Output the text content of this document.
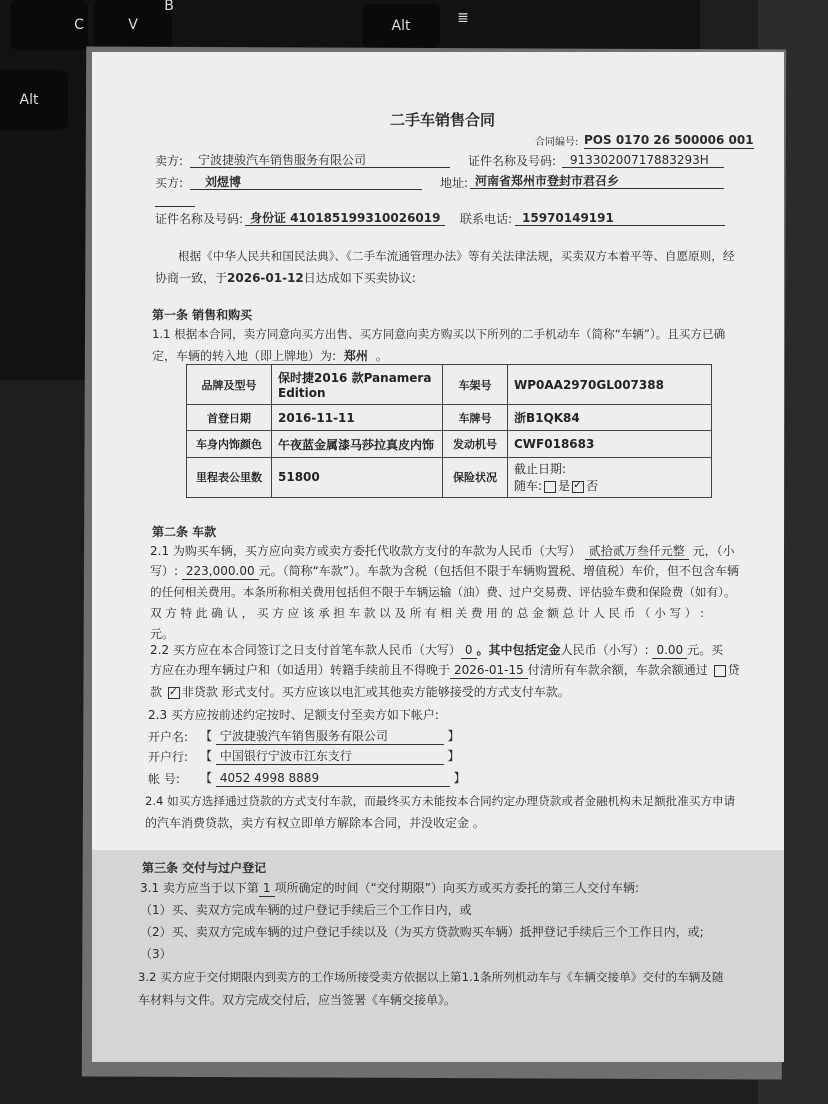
C	V
B
Alt
Alt	≣
二手车销售合同
合同编号: POS 0170 26 500006 001
卖方: 宁波捷骏汽车销售服务有限公司	证件名称及号码: 91330200717883293H
买方: 刘煜博	地址: 河南省郑州市登封市君召乡
证件名称及号码: 身份证 410185199310026019 联系电话: 15970149191
根据《中华人民共和国民法典》、《二手车流通管理办法》等有关法律法规，买卖双方本着平等、自愿原则，经
协商一致，于2026-01-12日达成如下买卖协议:
第一条 销售和购买
1.1 根据本合同，卖方同意向买方出售、买方同意向卖方购买以下所列的二手机动车（简称“车辆”）。且买方已确
定，车辆的转入地（即上牌地）为: 郑州 。
品牌及型号	保时捷2016 款Panamera Edition	车架号	WP0AA2970GL007388
首登日期	2016-11-11	车牌号	浙B1QK84
车身内饰颜色	午夜蓝金属漆马莎拉真皮内饰	发动机号	CWF018683
里程表公里数	51800	保险状况	截止日期:
随车: 是 ✓ 否
第二条 车款
2.1 为购买车辆，买方应向卖方或卖方委托代收款方支付的车款为人民币（大写） 贰拾贰万叁仟元整 元，（小
写）: 223,000.00 元。（简称“车款”）。车款为含税（包括但不限于车辆购置税、增值税）车价，但不包含车辆
的任何相关费用。本条所称相关费用包括但不限于车辆运输（油）费、过户交易费、评估验车费和保险费（如有）。
双 方 特 此 确 认 ， 买 方 应 该 承 担 车 款 以 及 所 有 相 关 费 用 的 总 金 额 总 计 人 民 币 （ 小 写 ） :
元。
2.2 买方应在本合同签订之日支付首笔车款人民币（大写） 0 。其中包括定金人民币（小写）: 0.00 元。买
方应在办理车辆过户和（如适用）转籍手续前且不得晚于 2026-01-15 付清所有车款余额，车款余额通过 贷
款 ✓ 非贷款 形式支付。买方应该以电汇或其他卖方能够接受的方式支付车款。
2.3 买方应按前述约定按时、足额支付至卖方如下帐户:
开户名: 【 宁波捷骏汽车销售服务有限公司	】
开户行: 【 中国银行宁波市江东支行	】
帐 号: 【 4052 4998 8889	】
2.4 如买方选择通过贷款的方式支付车款，而最终买方未能按本合同约定办理贷款或者金融机构未足额批准买方申请
的汽车消费贷款，卖方有权立即单方解除本合同，并没收定金 。
第三条 交付与过户登记
3.1 卖方应当于以下第 1 项所确定的时间（“交付期限”）向买方或买方委托的第三人交付车辆:
（1）买、卖双方完成车辆的过户登记手续后三个工作日内，或
（2）买、卖双方完成车辆的过户登记手续以及（为买方贷款购买车辆）抵押登记手续后三个工作日内，或;
（3）
3.2 买方应于交付期限内到卖方的工作场所接受卖方依据以上第1.1条所列机动车与《车辆交接单》交付的车辆及随
车材料与文件。双方完成交付后，应当签署《车辆交接单》。
